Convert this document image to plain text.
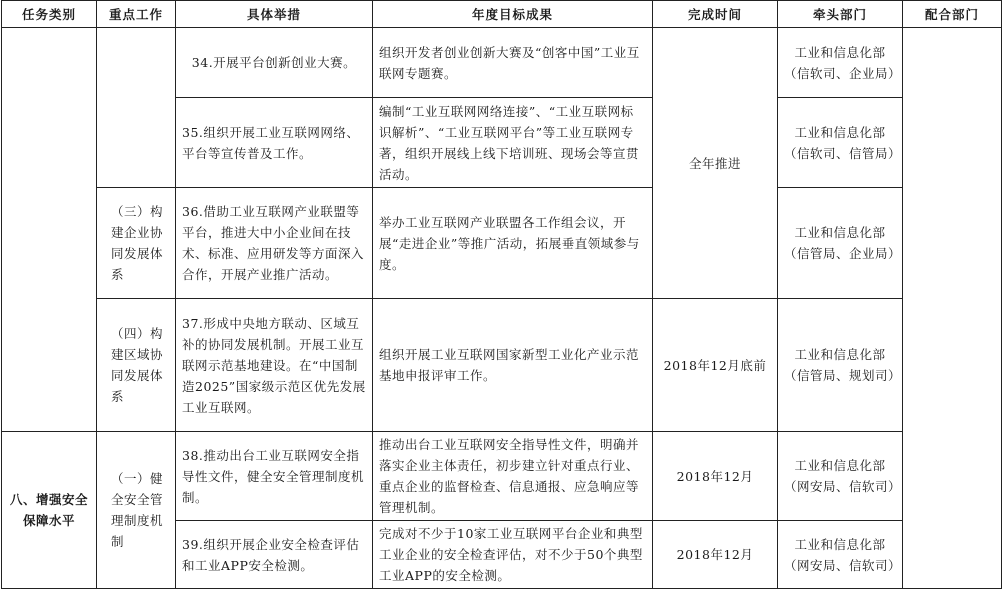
任务类别	重点工作	具体举措	年度目标成果	完成时间	牵头部门	配合部门
		34.开展平台创新创业大赛。	组织开发者创业创新大赛及“创客中国”工业互联网专题赛。	全年推进	工业和信息化部（信软司、企业局）	
		35.组织开展工业互联网网络、平台等宣传普及工作。	编制“工业互联网网络连接”、“工业互联网标识解析”、“工业互联网平台”等工业互联网专著，组织开展线上线下培训班、现场会等宣贯活动。		工业和信息化部（信软司、信管局）	
	（三）构建企业协同发展体系	36.借助工业互联网产业联盟等平台，推进大中小企业间在技术、标准、应用研发等方面深入合作，开展产业推广活动。	举办工业互联网产业联盟各工作组会议，开展“走进企业”等推广活动，拓展垂直领域参与度。		工业和信息化部（信管局、企业局）	
	（四）构建区域协同发展体系	37.形成中央地方联动、区域互补的协同发展机制。开展工业互联网示范基地建设。在“中国制造2025”国家级示范区优先发展工业互联网。	组织开展工业互联网国家新型工业化产业示范基地申报评审工作。	2018年12月底前	工业和信息化部（信管局、规划司）	
八、增强安全保障水平	（一）健全安全管理制度机制	38.推动出台工业互联网安全指导性文件，健全安全管理制度机制。	推动出台工业互联网安全指导性文件，明确并落实企业主体责任，初步建立针对重点行业、重点企业的监督检查、信息通报、应急响应等管理机制。	2018年12月	工业和信息化部（网安局、信软司）	
		39.组织开展企业安全检查评估和工业APP安全检测。	完成对不少于10家工业互联网平台企业和典型工业企业的安全检查评估，对不少于50个典型工业APP的安全检测。	2018年12月	工业和信息化部（网安局、信软司）	
